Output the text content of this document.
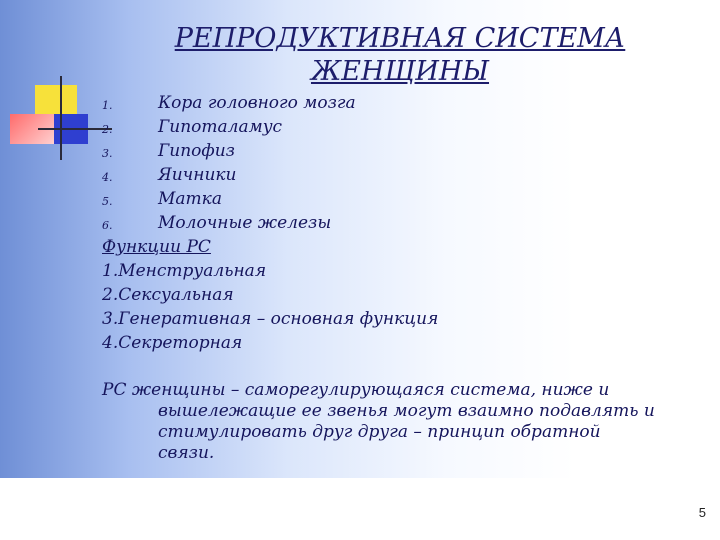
РЕПРОДУКТИВНАЯ СИСТЕМА
ЖЕНЩИНЫ
1.	Кора головного мозга
2.	Гипоталамус
3.	Гипофиз
4.	Яичники
5.	Матка
6.	Молочные железы
Функции РС
1.Менструальная
2.Сексуальная
3.Генеративная – основная функция
4.Секреторная
РС женщины – саморегулирующаяся система, ниже и
вышележащие ее звенья могут взаимно подавлять и
стимулировать друг друга – принцип обратной связи.
5
